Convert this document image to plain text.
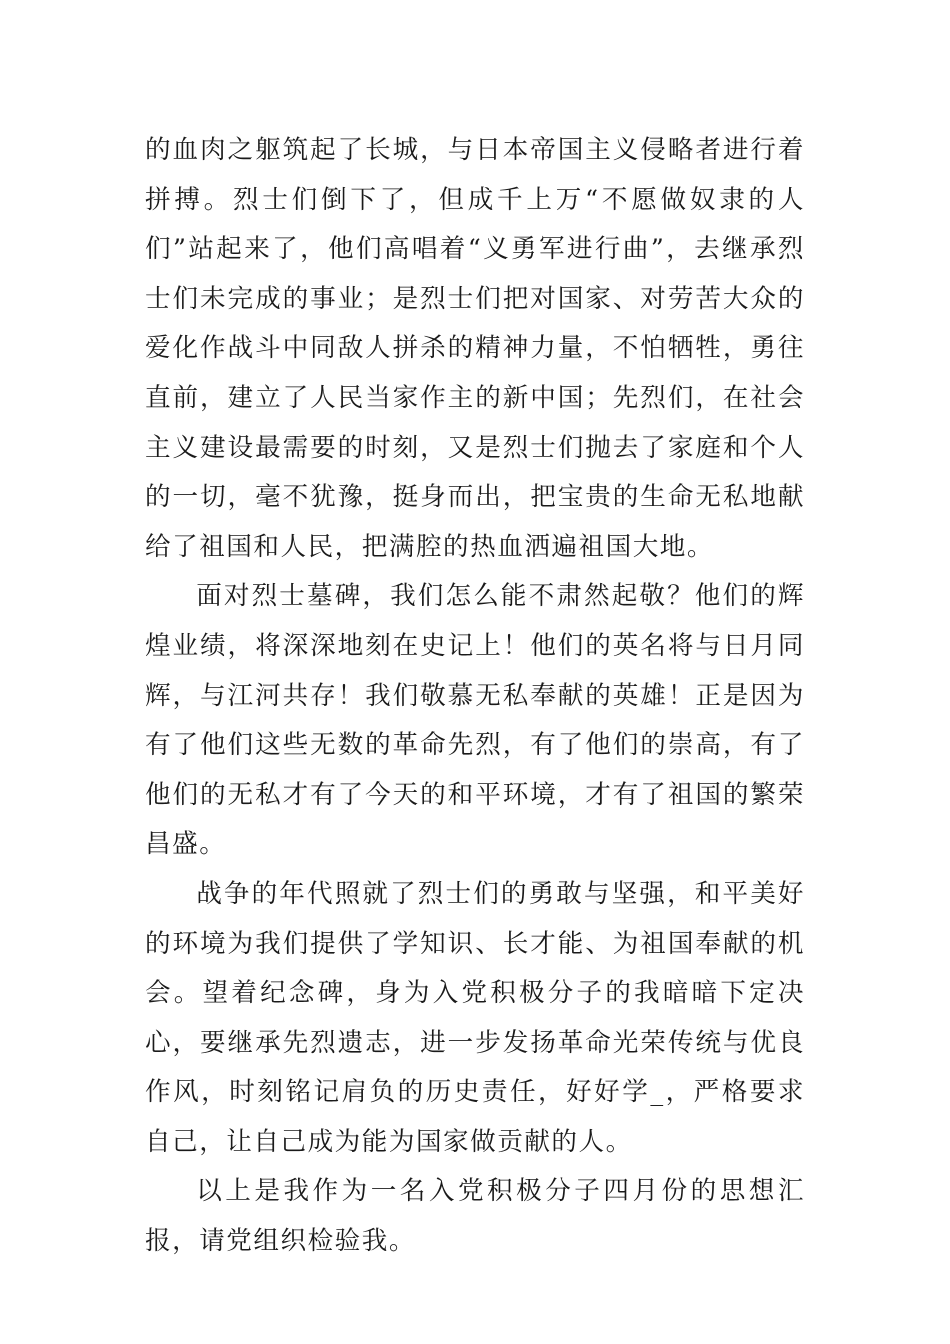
的血肉之躯筑起了长城，与日本帝国主义侵略者进行着拼搏。烈士们倒下了，但成千上万“不愿做奴隶的人们”站起来了，他们高唱着“义勇军进行曲”，去继承烈士们未完成的事业；是烈士们把对国家、对劳苦大众的爱化作战斗中同敌人拼杀的精神力量，不怕牺牲，勇往直前，建立了人民当家作主的新中国；先烈们，在社会主义建设最需要的时刻，又是烈士们抛去了家庭和个人的一切，毫不犹豫，挺身而出，把宝贵的生命无私地献给了祖国和人民，把满腔的热血洒遍祖国大地。

面对烈士墓碑，我们怎么能不肃然起敬？他们的辉煌业绩，将深深地刻在史记上！他们的英名将与日月同辉，与江河共存！我们敬慕无私奉献的英雄！正是因为有了他们这些无数的革命先烈，有了他们的崇高，有了他们的无私才有了今天的和平环境，才有了祖国的繁荣昌盛。

战争的年代照就了烈士们的勇敢与坚强，和平美好的环境为我们提供了学知识、长才能、为祖国奉献的机会。望着纪念碑，身为入党积极分子的我暗暗下定决心，要继承先烈遗志，进一步发扬革命光荣传统与优良作风，时刻铭记肩负的历史责任，好好学_，严格要求自己，让自己成为能为国家做贡献的人。

以上是我作为一名入党积极分子四月份的思想汇报，请党组织检验我。
